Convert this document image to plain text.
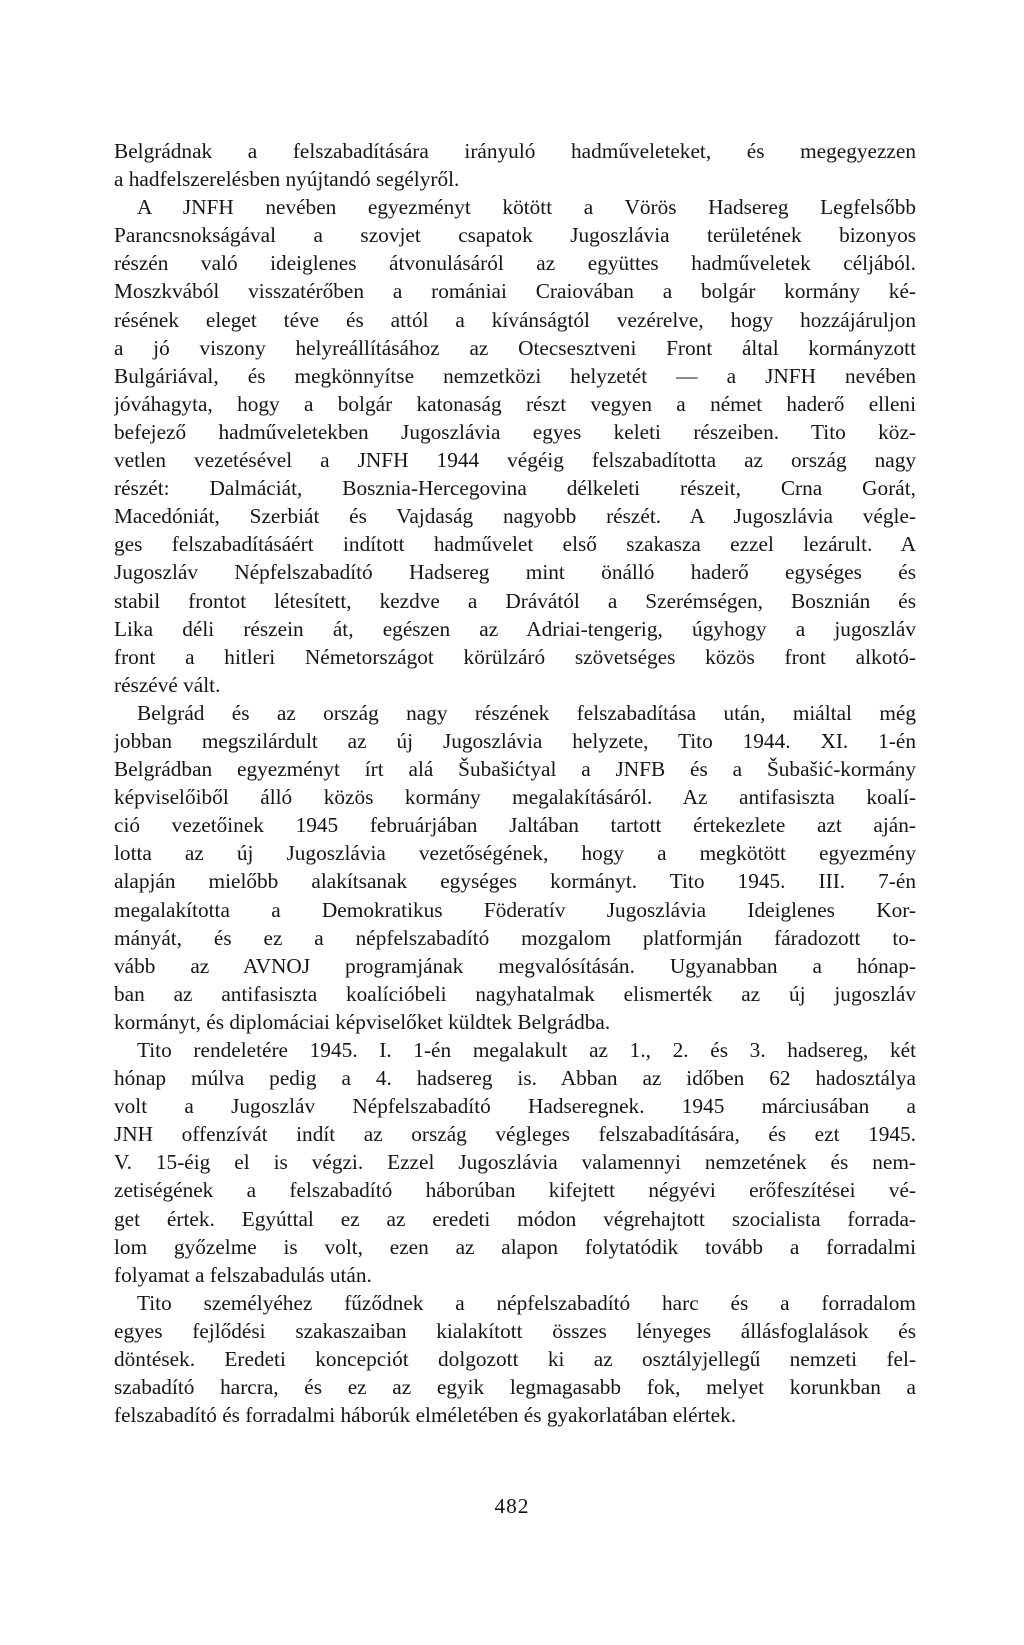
Belgrádnak a felszabadítására irányuló hadműveleteket, és megegyezzen
a hadfelszerelésben nyújtandó segélyről.
A JNFH nevében egyezményt kötött a Vörös Hadsereg Legfelsőbb
Parancsnokságával a szovjet csapatok Jugoszlávia területének bizonyos
részén való ideiglenes átvonulásáról az együttes hadműveletek céljából.
Moszkvából visszatérőben a romániai Craiovában a bolgár kormány ké-
résének eleget téve és attól a kívánságtól vezérelve, hogy hozzájáruljon
a jó viszony helyreállításához az Otecsesztveni Front által kormányzott
Bulgáriával, és megkönnyítse nemzetközi helyzetét — a JNFH nevében
jóváhagyta, hogy a bolgár katonaság részt vegyen a német haderő elleni
befejező hadműveletekben Jugoszlávia egyes keleti részeiben. Tito köz-
vetlen vezetésével a JNFH 1944 végéig felszabadította az ország nagy
részét: Dalmáciát, Bosznia-Hercegovina délkeleti részeit, Crna Gorát,
Macedóniát, Szerbiát és Vajdaság nagyobb részét. A Jugoszlávia végle-
ges felszabadításáért indított hadművelet első szakasza ezzel lezárult. A
Jugoszláv Népfelszabadító Hadsereg mint önálló haderő egységes és
stabil frontot létesített, kezdve a Drávától a Szerémségen, Bosznián és
Lika déli részein át, egészen az Adriai-tengerig, úgyhogy a jugoszláv
front a hitleri Németországot körülzáró szövetséges közös front alkotó-
részévé vált.
Belgrád és az ország nagy részének felszabadítása után, miáltal még
jobban megszilárdult az új Jugoszlávia helyzete, Tito 1944. XI. 1-én
Belgrádban egyezményt írt alá Šubašićtyal a JNFB és a Šubašić-kormány
képviselőiből álló közös kormány megalakításáról. Az antifasiszta koalí-
ció vezetőinek 1945 februárjában Jaltában tartott értekezlete azt aján-
lotta az új Jugoszlávia vezetőségének, hogy a megkötött egyezmény
alapján mielőbb alakítsanak egységes kormányt. Tito 1945. III. 7-én
megalakította a Demokratikus Föderatív Jugoszlávia Ideiglenes Kor-
mányát, és ez a népfelszabadító mozgalom platformján fáradozott to-
vább az AVNOJ programjának megvalósításán. Ugyanabban a hónap-
ban az antifasiszta koalícióbeli nagyhatalmak elismerték az új jugoszláv
kormányt, és diplomáciai képviselőket küldtek Belgrádba.
Tito rendeletére 1945. I. 1-én megalakult az 1., 2. és 3. hadsereg, két
hónap múlva pedig a 4. hadsereg is. Abban az időben 62 hadosztálya
volt a Jugoszláv Népfelszabadító Hadseregnek. 1945 márciusában a
JNH offenzívát indít az ország végleges felszabadítására, és ezt 1945.
V. 15-éig el is végzi. Ezzel Jugoszlávia valamennyi nemzetének és nem-
zetiségének a felszabadító háborúban kifejtett négyévi erőfeszítései vé-
get értek. Egyúttal ez az eredeti módon végrehajtott szocialista forrada-
lom győzelme is volt, ezen az alapon folytatódik tovább a forradalmi
folyamat a felszabadulás után.
Tito személyéhez fűződnek a népfelszabadító harc és a forradalom
egyes fejlődési szakaszaiban kialakított összes lényeges állásfoglalások és
döntések. Eredeti koncepciót dolgozott ki az osztályjellegű nemzeti fel-
szabadító harcra, és ez az egyik legmagasabb fok, melyet korunkban a
felszabadító és forradalmi háborúk elméletében és gyakorlatában elértek.
482
